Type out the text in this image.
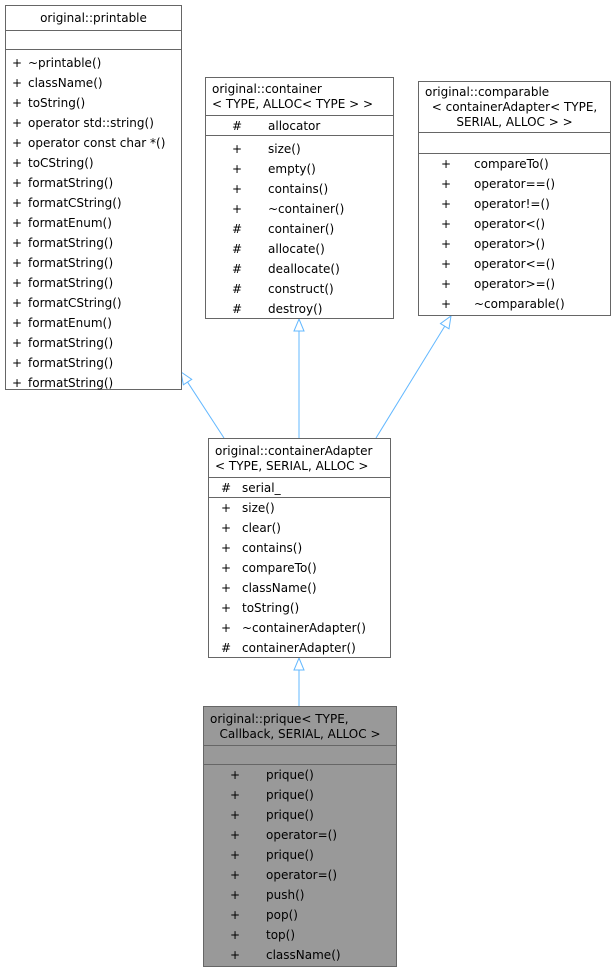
original::printable
+ ~printable()
+ className()
+ toString()
+ operator std::string()
+ operator const char *()
+ toCString()
+ formatString()
+ formatCString()
+ formatEnum()
+ formatString()
+ formatString()
+ formatString()
+ formatCString()
+ formatEnum()
+ formatString()
+ formatString()
+ formatString()
original::container
< TYPE, ALLOC< TYPE > >
# allocator
+ size()
+ empty()
+ contains()
+ ~container()
# container()
# allocate()
# deallocate()
# construct()
# destroy()
original::comparable
< containerAdapter< TYPE,
SERIAL, ALLOC > >
+ compareTo()
+ operator==()
+ operator!=()
+ operator<()
+ operator>()
+ operator<=()
+ operator>=()
+ ~comparable()
original::containerAdapter
< TYPE, SERIAL, ALLOC >
# serial_
+ size()
+ clear()
+ contains()
+ compareTo()
+ className()
+ toString()
+ ~containerAdapter()
# containerAdapter()
original::prique< TYPE,
Callback, SERIAL, ALLOC >
+ prique()
+ prique()
+ prique()
+ operator=()
+ prique()
+ operator=()
+ push()
+ pop()
+ top()
+ className()
